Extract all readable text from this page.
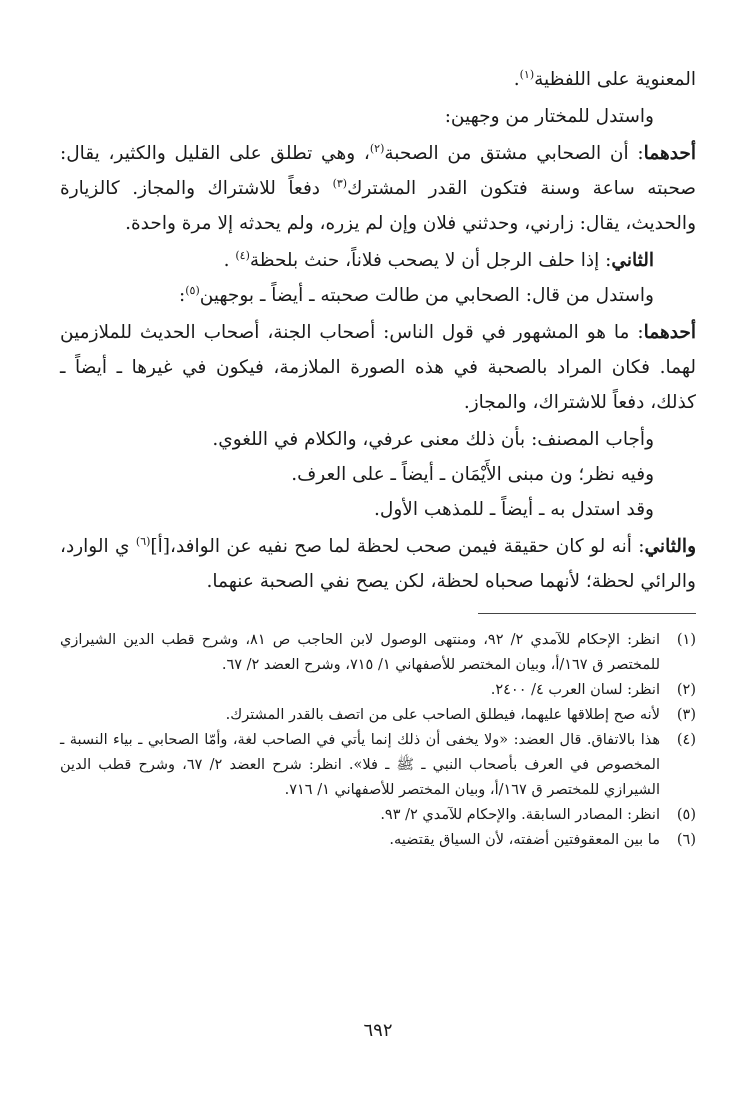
المعنوية على اللفظية$^{(١)}$.

واستدل للمختار من وجهين:

أحدهما: أن الصحابي مشتق من الصحبة$^{(٢)}$، وهي تطلق على القليل والكثير، يقال: صحبته ساعة وسنة فتكون القدر المشترك$^{(٣)}$ دفعاً للاشتراك والمجاز. كالزيارة والحديث، يقال: زارني، وحدثني فلان وإن لم يزره، ولم يحدثه إلا مرة واحدة.

الثاني: إذا حلف الرجل أن لا يصحب فلاناً، حنث بلحظة$^{(٤)}$ .

واستدل من قال: الصحابي من طالت صحبته ـ أيضاً ـ بوجهين$^{(٥)}$:

أحدهما: ما هو المشهور في قول الناس: أصحاب الجنة، أصحاب الحديث للملازمين لهما. فكان المراد بالصحبة في هذه الصورة الملازمة، فيكون في غيرها ـ أيضاً ـ كذلك، دفعاً للاشتراك، والمجاز.

وأجاب المصنف: بأن ذلك معنى عرفي، والكلام في اللغوي.

وفيه نظر؛ ون مبنى الأَيْمَان ـ أيضاً ـ على العرف.

وقد استدل به ـ أيضاً ـ للمذهب الأول.

والثاني: أنه لو كان حقيقة فيمن صحب لحظة لما صح نفيه عن الوافد،[أ]$^{(٦)}$ ي الوارد، والرائي لحظة؛ لأنهما صحباه لحظة، لكن يصح نفي الصحبة عنهما.

(١)
انظر: الإحكام للآمدي ٢/ ٩٢، ومنتهى الوصول لابن الحاجب ص ٨١، وشرح قطب الدين الشيرازي للمختصر ق ١٦٧/أ، وبيان المختصر للأصفهاني ١/ ٧١٥، وشرح العضد ٢/ ٦٧.
(٢)
انظر: لسان العرب ٤/ ٢٤٠٠.
(٣)
لأنه صح إطلاقها عليهما، فيطلق الصاحب على من اتصف بالقدر المشترك.
(٤)
هذا بالاتفاق. قال العضد: «ولا يخفى أن ذلك إنما يأتي في الصاحب لغة، وأمّا الصحابي ـ بياء النسبة ـ المخصوص في العرف بأصحاب النبي ـ ﷺ ـ فلا». انظر: شرح العضد ٢/ ٦٧، وشرح قطب الدين الشيرازي للمختصر ق ١٦٧/أ، وبيان المختصر للأصفهاني ١/ ٧١٦.
(٥)
انظر: المصادر السابقة. والإحكام للآمدي ٢/ ٩٣.
(٦)
ما بين المعقوفتين أضفته، لأن السياق يقتضيه.
٦٩٢
